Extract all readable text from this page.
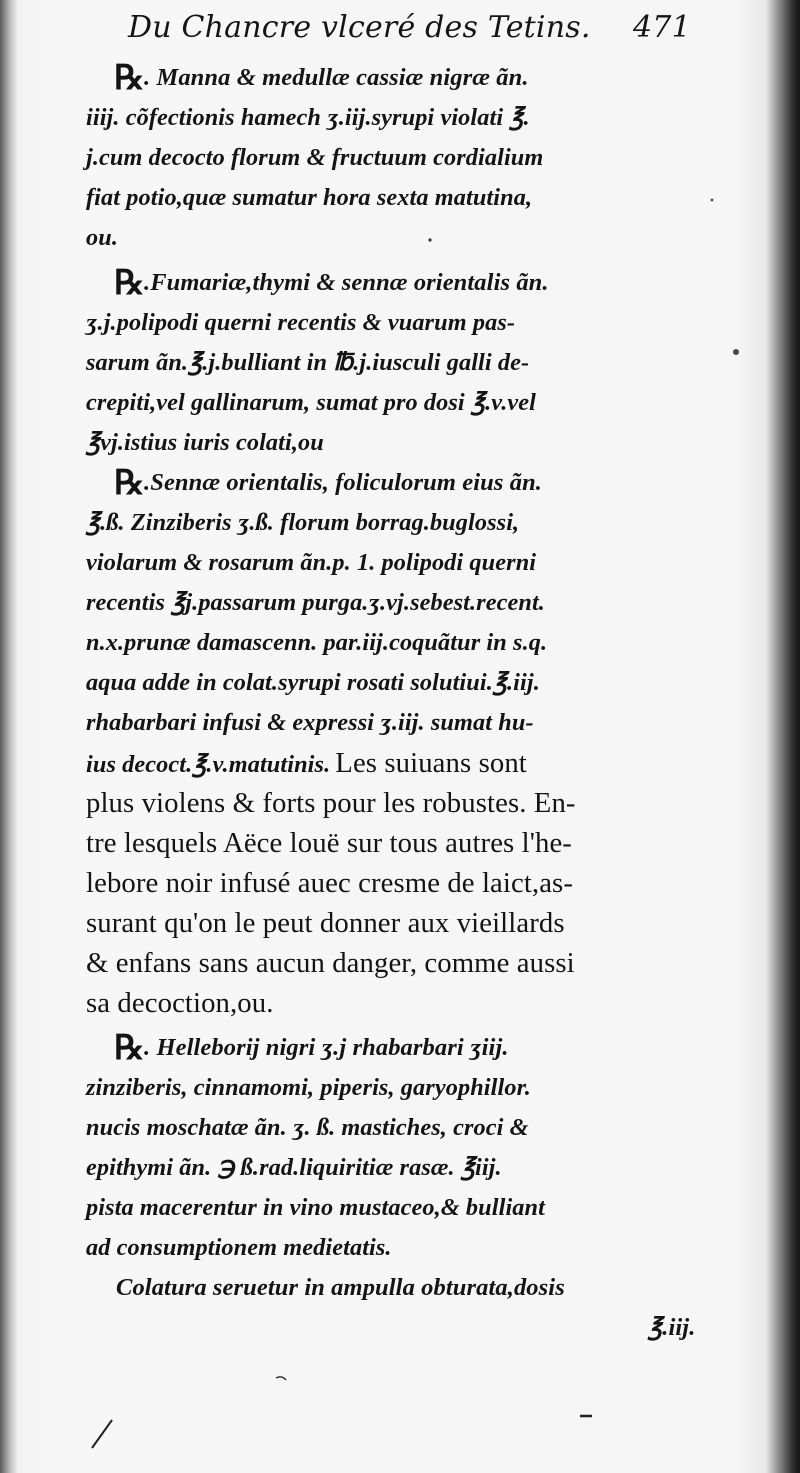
Du Chancre vlceré des Tetins. 471
℞ . Manna & medullæ cassiæ nigræ ãn.
iiij. cõfectionis hamech ʒ.iij.syrupi violati ℥.
j.cum decocto florum & fructuum cordialium
fiat potio,quæ sumatur hora sexta matutina,
ou.
℞ .Fumariæ,thymi & sennæ orientalis ãn.
ʒ.j.polipodi querni recentis & vuarum pas-
sarum ãn.℥.j.bulliant in ℔.j.iusculi galli de-
crepiti,vel gallinarum, sumat pro dosi ℥.v.vel
℥vj.istius iuris colati,ou
℞ .Sennæ orientalis, foliculorum eius ãn.
℥.ß. Zinziberis ʒ.ß. florum borrag.buglossi,
violarum & rosarum ãn.p. 1. polipodi querni
recentis ℥j.passarum purga.ʒ.vj.sebest.recent.
n.x.prunæ damascenn. par.iij.coquãtur in s.q.
aqua adde in colat.syrupi rosati solutiui.℥.iij.
rhabarbari infusi & expressi ʒ.iij. sumat hu-
ius decoct.℥.v.matutinis. Les suiuans sont
plus violens & forts pour les robustes. En-
tre lesquels Aëce louë sur tous autres l'he-
lebore noir infusé auec cresme de laict,as-
surant qu'on le peut donner aux vieillards
& enfans sans aucun danger, comme aussi
sa decoction,ou.
℞ . Helleborij nigri ʒ.j rhabarbari ʒiij.
zinziberis, cinnamomi, piperis, garyophillor.
nucis moschatæ ãn. ʒ. ß. mastiches, croci &
epithymi ãn. ℈ ß.rad.liquiritiæ rasæ. ℥iij.
pista macerentur in vino mustaceo,& bulliant
ad consumptionem medietatis.
Colatura seruetur in ampulla obturata,dosis
℥.iij.
